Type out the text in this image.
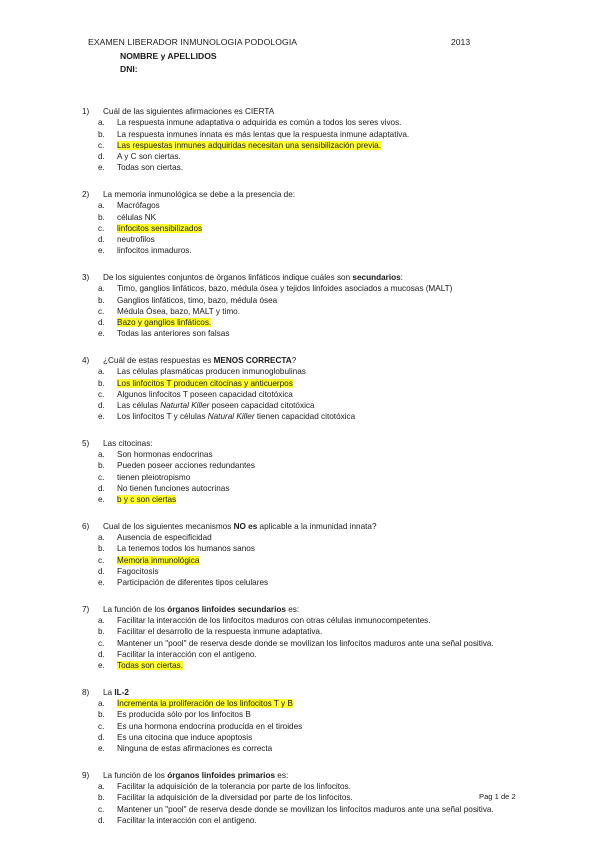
EXAMEN LIBERADOR INMUNOLOGIA PODOLOGIA	2013
NOMBRE y APELLIDOS
DNI:
1) Cuál de las siguientes afirmaciones es CIERTA
a. La respuesta inmune adaptativa o adquirida es común a todos los seres vivos.
b. La respuesta inmunes innata es más lentas que la respuesta inmune adaptativa.
c. Las respuestas inmunes adquiridas necesitan una sensibilización previa.
d. A y C son ciertas.
e. Todas son ciertas.
2) La memoria inmunológica se debe a la presencia de:
a. Macrófagos
b. células NK
c. linfocitos sensibilizados
d. neutrofilos
e. linfocitos inmaduros.
3) De los siguientes conjuntos de órganos linfáticos indique cuáles son secundarios:
a. Timo, ganglios linfáticos, bazo, médula ósea y tejidos linfoides asociados a mucosas (MALT)
b. Ganglios linfáticos, timo, bazo, médula ósea
c. Médula Ósea, bazo, MALT y timo.
d. Bazo y ganglios linfáticos.
e. Todas las anteriores son falsas
4) ¿Cuál de estas respuestas es MENOS CORRECTA?
a. Las células plasmáticas producen inmunoglobulinas
b. Los linfocitos T producen citocinas y anticuerpos
c. Algunos linfocitos T poseen capacidad citotóxica
d. Las células Naturtal Killer poseen capacidad citotóxica
e. Los linfocitos T y células Natural Killer tienen capacidad citotóxica
5) Las citocinas:
a. Son hormonas endocrinas
b. Pueden poseer acciones redundantes
c. tienen pleiotropismo
d. No tienen funciones autocrinas
e. b y c son ciertas
6) Cual de los siguientes mecanismos NO es aplicable a la inmunidad innata?
a. Ausencia de especificidad
b. La tenemos todos los humanos sanos
c. Memoria inmunológica
d. Fagocitosis
e. Participación de diferentes tipos celulares
7) La función de los órganos linfoides secundarios es:
a. Facilitar la interacción de los linfocitos maduros con otras células inmunocompetentes.
b. Facilitar el desarrollo de la respuesta inmune adaptativa.
c. Mantener un "pool" de reserva desde donde se movilizan los linfocitos maduros ante una señal positiva.
d. Facilitar la interacción con el antígeno.
e. Todas son ciertas.
8) La IL-2
a. Incrementa la proliferación de los linfocitos T y B
b. Es producida sólo por los linfocitos B
c. Es una hormona endocrina producida en el tiroides
d. Es una citocina que induce apoptosis
e. Ninguna de estas afirmaciones es correcta
9) La función de los órganos linfoides primarios es:
a. Facilitar la adquisición de la tolerancia por parte de los linfocitos.
b. Facilitar la adquisición de la diversidad por parte de los linfocitos.
c. Mantener un "pool" de reserva desde donde se movilizan los linfocitos maduros ante una señal positiva.
d. Facilitar la interacción con el antígeno.
Pag 1 de 2
